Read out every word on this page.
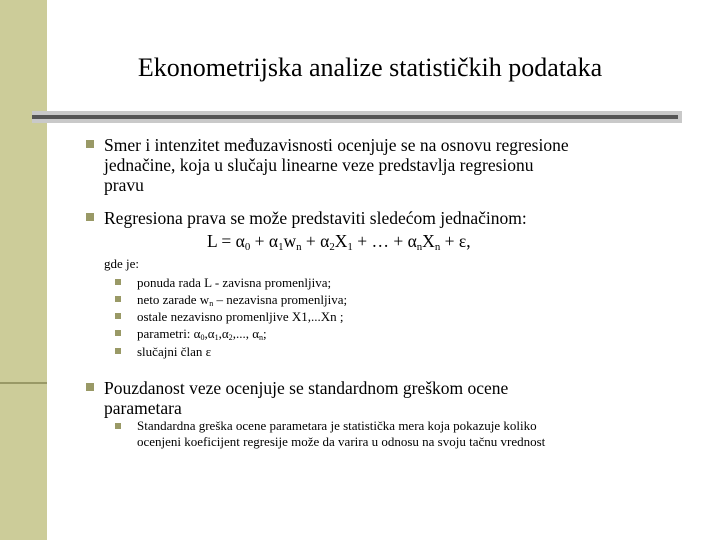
Ekonometrijska analize statističkih podataka
Smer i intenzitet međuzavisnosti ocenjuje se na osnovu regresione
jednačine, koja u slučaju linearne veze predstavlja regresionu
pravu
Regresiona prava se može predstaviti sledećom jednačinom:
L = α0 + α1wn + α2X1 + … + αnXn + ε,
gde je:
ponuda rada L - zavisna promenljiva;
neto zarade wn – nezavisna promenljiva;
ostale nezavisno promenljive X1,...Xn ;
parametri: α0,α1,α2,..., αn;
slučajni član ε
Pouzdanost veze ocenjuje se standardnom greškom ocene
parametara
Standardna greška ocene parametara je statistička mera koja pokazuje koliko
ocenjeni koeficijent regresije može da varira u odnosu na svoju tačnu vrednost
